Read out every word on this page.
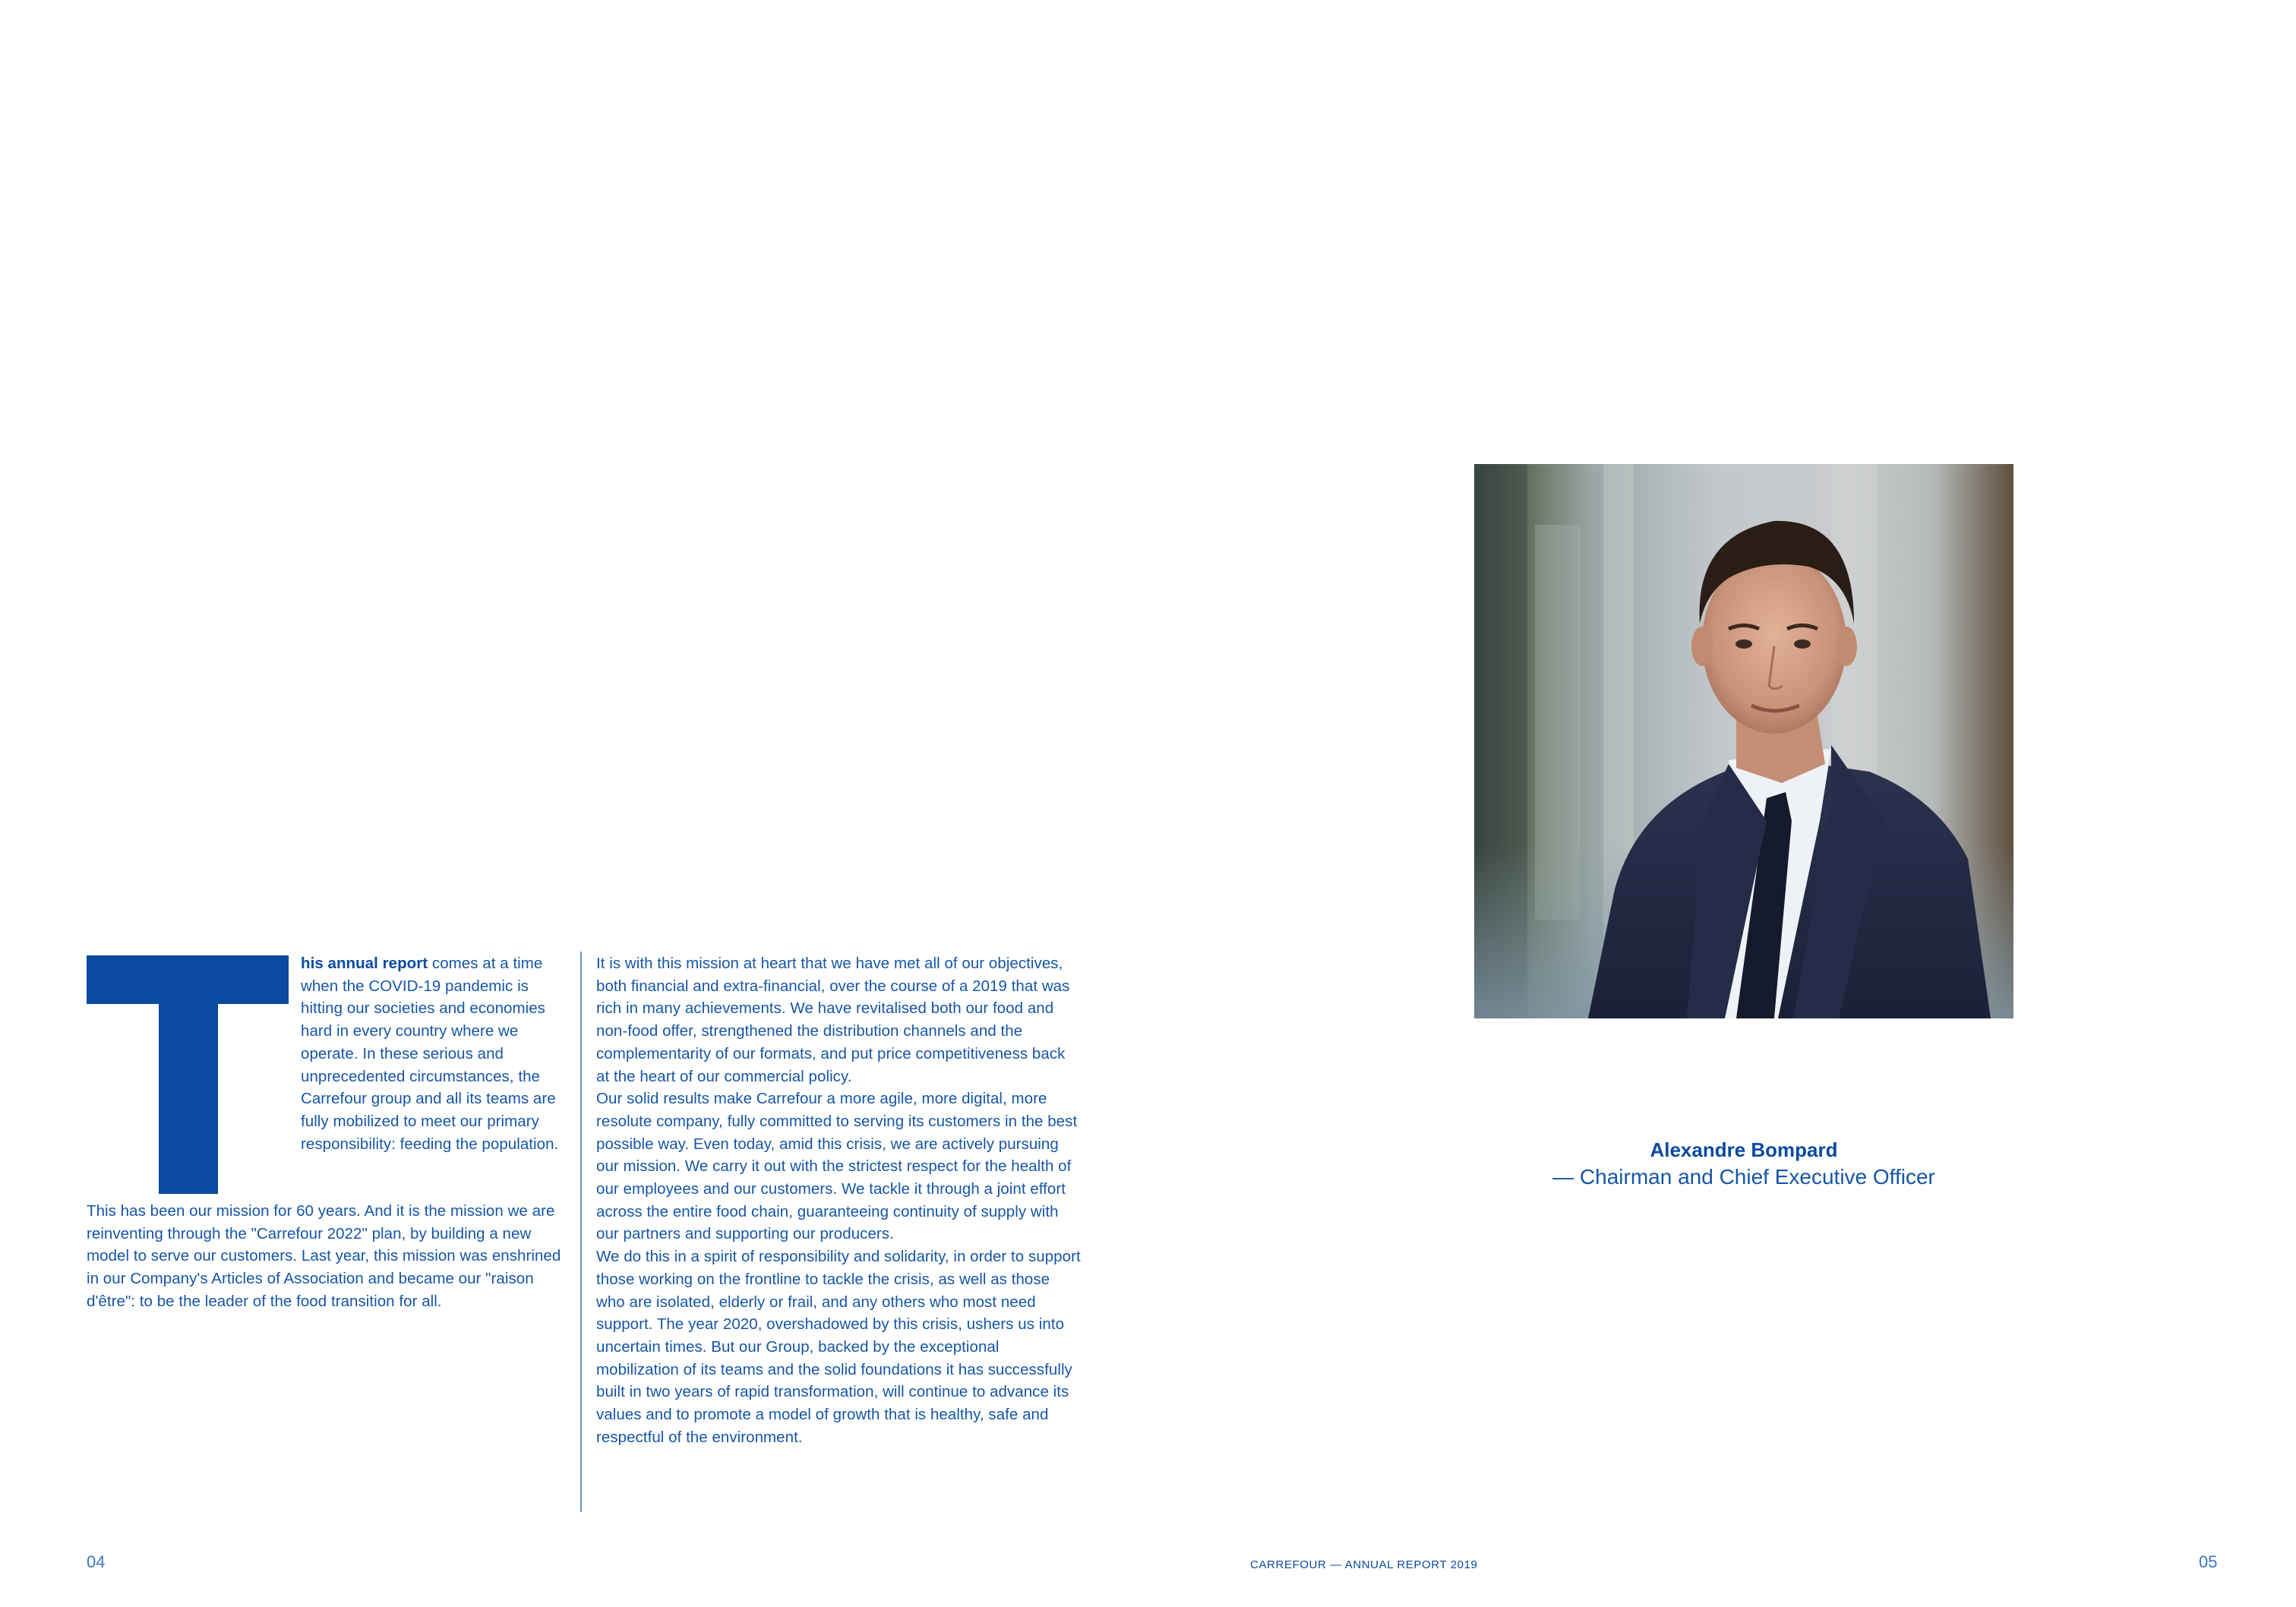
his annual report comes at a time when the COVID-19 pandemic is hitting our societies and economies hard in every country where we operate. In these serious and unprecedented circumstances, the Carrefour group and all its teams are fully mobilized to meet our primary responsibility: feeding the population.

This has been our mission for 60 years. And it is the mission we are reinventing through the "Carrefour 2022" plan, by building a new model to serve our customers. Last year, this mission was enshrined in our Company's Articles of Association and became our "raison d'être": to be the leader of the food transition for all.

It is with this mission at heart that we have met all of our objectives, both financial and extra-financial, over the course of a 2019 that was rich in many achievements. We have revitalised both our food and non-food offer, strengthened the distribution channels and the complementarity of our formats, and put price competitiveness back at the heart of our commercial policy.

Our solid results make Carrefour a more agile, more digital, more resolute company, fully committed to serving its customers in the best possible way. Even today, amid this crisis, we are actively pursuing our mission. We carry it out with the strictest respect for the health of our employees and our customers. We tackle it through a joint effort across the entire food chain, guaranteeing continuity of supply with our partners and supporting our producers.

We do this in a spirit of responsibility and solidarity, in order to support those working on the frontline to tackle the crisis, as well as those who are isolated, elderly or frail, and any others who most need support. The year 2020, overshadowed by this crisis, ushers us into uncertain times. But our Group, backed by the exceptional mobilization of its teams and the solid foundations it has successfully built in two years of rapid transformation, will continue to advance its values and to promote a model of growth that is healthy, safe and respectful of the environment.

04
Alexandre Bompard
— Chairman and Chief Executive Officer
CARREFOUR — ANNUAL REPORT 2019	05
